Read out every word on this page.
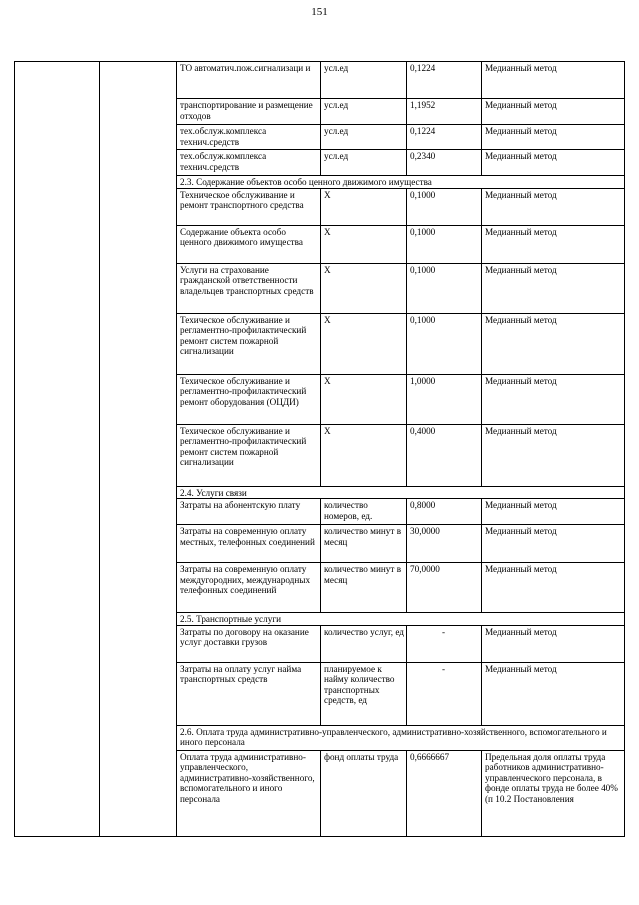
151
		ТО автоматич.пож.сигнализаци и	усл.ед	0,1224	Медианный метод
		транспортирование и размещение отходов	усл.ед	1,1952	Медианный метод
		тех.обслуж.комплекса технич.средств	усл.ед	0,1224	Медианный метод
		тех.обслуж.комплекса технич.средств	усл.ед	0,2340	Медианный метод
		2.3. Содержание объектов особо ценного движимого имущества			
		Техническое обслуживание и ремонт транспортного средства	Х	0,1000	Медианный метод
		Содержание объекта особо ценного движимого имущества	Х	0,1000	Медианный метод
		Услуги на страхование гражданской ответственности владельцев транспортных средств	Х	0,1000	Медианный метод
		Техическое обслуживание и регламентно-профилактический ремонт систем пожарной сигнализации	Х	0,1000	Медианный метод
		Техическое обслуживание и регламентно-профилактический ремонт оборудования (ОЦДИ)	Х	1,0000	Медианный метод
		Техическое обслуживание и регламентно-профилактический ремонт систем пожарной сигнализации	Х	0,4000	Медианный метод
		2.4. Услуги связи			
		Затраты на абонентскую плату	количество номеров, ед.	0,8000	Медианный метод
		Затраты на современную оплату местных, телефонных соединений	количество минут в месяц	30,0000	Медианный метод
		Затраты на современную оплату междугородних, международных телефонных соединений	количество минут в месяц	70,0000	Медианный метод
		2.5. Транспортные услуги			
		Затраты по договору на оказание услуг доставки грузов	количество услуг, ед	-	Медианный метод
		Затраты на оплату услуг найма транспортных средств	планируемое к найму количество транспортных средств, ед	-	Медианный метод
		2.6. Оплата труда административно-управленческого, административно-хозяйственного, вспомогательного и иного персонала			
		Оплата труда административно-управленческого, административно-хозяйственного, вспомогательного и иного персонала	фонд оплаты труда	0,6666667	Предельная доля оплаты труда работников административно-управленческого персонала, в фонде оплаты труда не более 40% (п 10.2 Постановления
